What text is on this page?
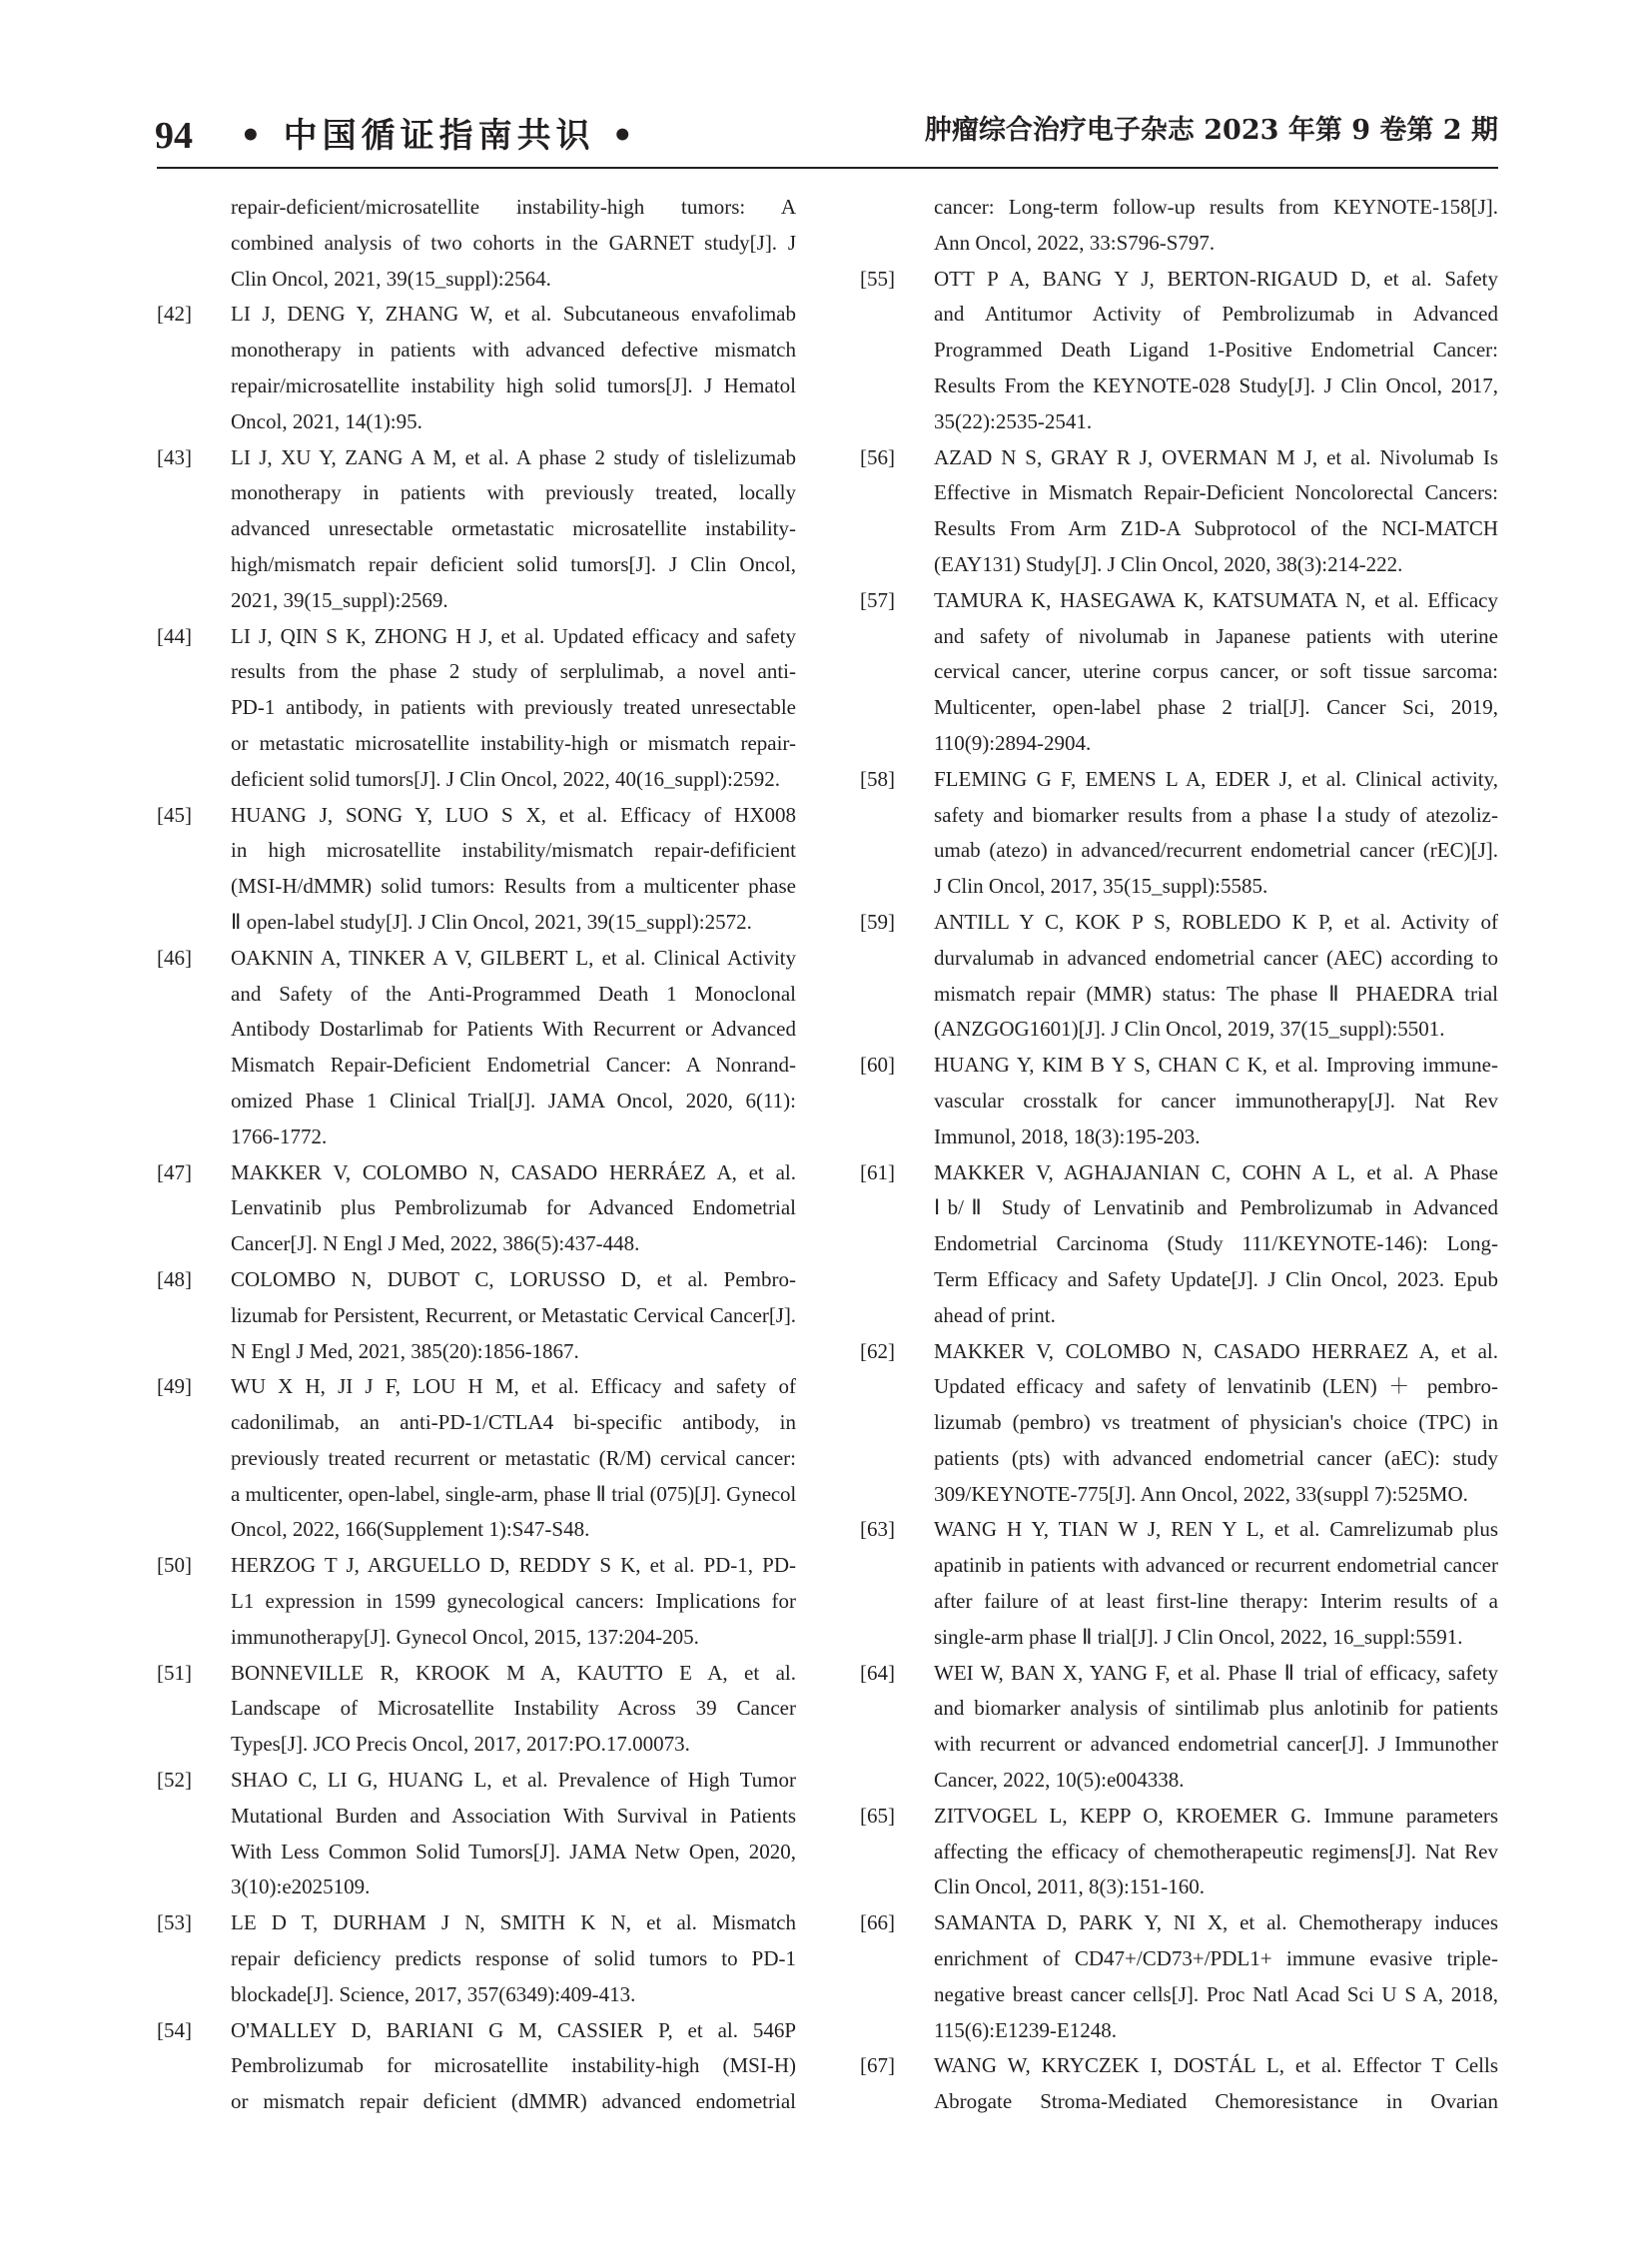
94 • 中国循证指南共识 •	肿瘤综合治疗电子杂志 2023 年第 9 卷第 2 期
repair-deficient/microsatellite instability-high tumors: A
combined analysis of two cohorts in the GARNET study[J]. J
Clin Oncol, 2021, 39(15_suppl):2564.
[42] LI J, DENG Y, ZHANG W, et al. Subcutaneous envafolimab
monotherapy in patients with advanced defective mismatch
repair/microsatellite instability high solid tumors[J]. J Hematol
Oncol, 2021, 14(1):95.
[43] LI J, XU Y, ZANG A M, et al. A phase 2 study of tislelizumab
monotherapy in patients with previously treated, locally
advanced unresectable ormetastatic microsatellite instability-
high/mismatch repair deficient solid tumors[J]. J Clin Oncol,
2021, 39(15_suppl):2569.
[44] LI J, QIN S K, ZHONG H J, et al. Updated efficacy and safety
results from the phase 2 study of serplulimab, a novel anti-
PD-1 antibody, in patients with previously treated unresectable
or metastatic microsatellite instability-high or mismatch repair-
deficient solid tumors[J]. J Clin Oncol, 2022, 40(16_suppl):2592.
[45] HUANG J, SONG Y, LUO S X, et al. Efficacy of HX008
in high microsatellite instability/mismatch repair-defificient
(MSI-H/dMMR) solid tumors: Results from a multicenter phase
Ⅱ open-label study[J]. J Clin Oncol, 2021, 39(15_suppl):2572.
[46] OAKNIN A, TINKER A V, GILBERT L, et al. Clinical Activity
and Safety of the Anti-Programmed Death 1 Monoclonal
Antibody Dostarlimab for Patients With Recurrent or Advanced
Mismatch Repair-Deficient Endometrial Cancer: A Nonrand-
omized Phase 1 Clinical Trial[J]. JAMA Oncol, 2020, 6(11):
1766-1772.
[47] MAKKER V, COLOMBO N, CASADO HERRÁEZ A, et al.
Lenvatinib plus Pembrolizumab for Advanced Endometrial
Cancer[J]. N Engl J Med, 2022, 386(5):437-448.
[48] COLOMBO N, DUBOT C, LORUSSO D, et al. Pembro-
lizumab for Persistent, Recurrent, or Metastatic Cervical Cancer[J].
N Engl J Med, 2021, 385(20):1856-1867.
[49] WU X H, JI J F, LOU H M, et al. Efficacy and safety of
cadonilimab, an anti-PD-1/CTLA4 bi-specific antibody, in
previously treated recurrent or metastatic (R/M) cervical cancer:
a multicenter, open-label, single-arm, phase Ⅱ trial (075)[J]. Gynecol
Oncol, 2022, 166(Supplement 1):S47-S48.
[50] HERZOG T J, ARGUELLO D, REDDY S K, et al. PD-1, PD-
L1 expression in 1599 gynecological cancers: Implications for
immunotherapy[J]. Gynecol Oncol, 2015, 137:204-205.
[51] BONNEVILLE R, KROOK M A, KAUTTO E A, et al.
Landscape of Microsatellite Instability Across 39 Cancer
Types[J]. JCO Precis Oncol, 2017, 2017:PO.17.00073.
[52] SHAO C, LI G, HUANG L, et al. Prevalence of High Tumor
Mutational Burden and Association With Survival in Patients
With Less Common Solid Tumors[J]. JAMA Netw Open, 2020,
3(10):e2025109.
[53] LE D T, DURHAM J N, SMITH K N, et al. Mismatch
repair deficiency predicts response of solid tumors to PD-1
blockade[J]. Science, 2017, 357(6349):409-413.
[54] O'MALLEY D, BARIANI G M, CASSIER P, et al. 546P
Pembrolizumab for microsatellite instability-high (MSI-H)
or mismatch repair deficient (dMMR) advanced endometrial
cancer: Long-term follow-up results from KEYNOTE-158[J].
Ann Oncol, 2022, 33:S796-S797.
[55] OTT P A, BANG Y J, BERTON-RIGAUD D, et al. Safety
and Antitumor Activity of Pembrolizumab in Advanced
Programmed Death Ligand 1-Positive Endometrial Cancer:
Results From the KEYNOTE-028 Study[J]. J Clin Oncol, 2017,
35(22):2535-2541.
[56] AZAD N S, GRAY R J, OVERMAN M J, et al. Nivolumab Is
Effective in Mismatch Repair-Deficient Noncolorectal Cancers:
Results From Arm Z1D-A Subprotocol of the NCI-MATCH
(EAY131) Study[J]. J Clin Oncol, 2020, 38(3):214-222.
[57] TAMURA K, HASEGAWA K, KATSUMATA N, et al. Efficacy
and safety of nivolumab in Japanese patients with uterine
cervical cancer, uterine corpus cancer, or soft tissue sarcoma:
Multicenter, open-label phase 2 trial[J]. Cancer Sci, 2019,
110(9):2894-2904.
[58] FLEMING G F, EMENS L A, EDER J, et al. Clinical activity,
safety and biomarker results from a phase Ⅰa study of atezoliz-
umab (atezo) in advanced/recurrent endometrial cancer (rEC)[J].
J Clin Oncol, 2017, 35(15_suppl):5585.
[59] ANTILL Y C, KOK P S, ROBLEDO K P, et al. Activity of
durvalumab in advanced endometrial cancer (AEC) according to
mismatch repair (MMR) status: The phase Ⅱ PHAEDRA trial
(ANZGOG1601)[J]. J Clin Oncol, 2019, 37(15_suppl):5501.
[60] HUANG Y, KIM B Y S, CHAN C K, et al. Improving immune-
vascular crosstalk for cancer immunotherapy[J]. Nat Rev
Immunol, 2018, 18(3):195-203.
[61] MAKKER V, AGHAJANIAN C, COHN A L, et al. A Phase
Ⅰb/Ⅱ Study of Lenvatinib and Pembrolizumab in Advanced
Endometrial Carcinoma (Study 111/KEYNOTE-146): Long-
Term Efficacy and Safety Update[J]. J Clin Oncol, 2023. Epub
ahead of print.
[62] MAKKER V, COLOMBO N, CASADO HERRAEZ A, et al.
Updated efficacy and safety of lenvatinib (LEN) ＋ pembro-
lizumab (pembro) vs treatment of physician's choice (TPC) in
patients (pts) with advanced endometrial cancer (aEC): study
309/KEYNOTE-775[J]. Ann Oncol, 2022, 33(suppl 7):525MO.
[63] WANG H Y, TIAN W J, REN Y L, et al. Camrelizumab plus
apatinib in patients with advanced or recurrent endometrial cancer
after failure of at least first-line therapy: Interim results of a
single-arm phase Ⅱ trial[J]. J Clin Oncol, 2022, 16_suppl:5591.
[64] WEI W, BAN X, YANG F, et al. Phase Ⅱ trial of efficacy, safety
and biomarker analysis of sintilimab plus anlotinib for patients
with recurrent or advanced endometrial cancer[J]. J Immunother
Cancer, 2022, 10(5):e004338.
[65] ZITVOGEL L, KEPP O, KROEMER G. Immune parameters
affecting the efficacy of chemotherapeutic regimens[J]. Nat Rev
Clin Oncol, 2011, 8(3):151-160.
[66] SAMANTA D, PARK Y, NI X, et al. Chemotherapy induces
enrichment of CD47+/CD73+/PDL1+ immune evasive triple-
negative breast cancer cells[J]. Proc Natl Acad Sci U S A, 2018,
115(6):E1239-E1248.
[67] WANG W, KRYCZEK I, DOSTÁL L, et al. Effector T Cells
Abrogate Stroma-Mediated Chemoresistance in Ovarian
